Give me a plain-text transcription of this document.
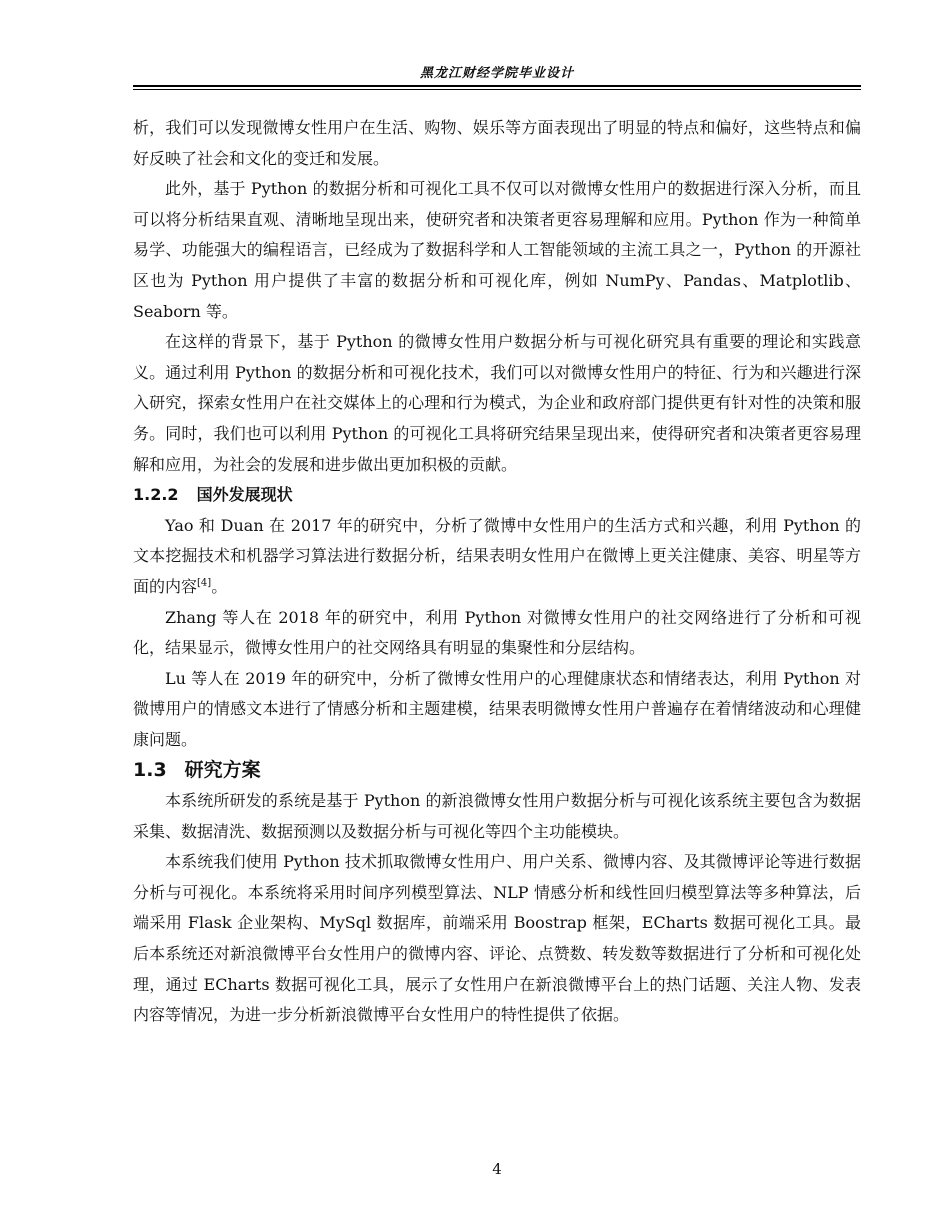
黑龙江财经学院毕业设计

析，我们可以发现微博女性用户在生活、购物、娱乐等方面表现出了明显的特点和偏好，这些特点和偏好反映了社会和文化的变迁和发展。

此外，基于 Python 的数据分析和可视化工具不仅可以对微博女性用户的数据进行深入分析，而且可以将分析结果直观、清晰地呈现出来，使研究者和决策者更容易理解和应用。Python 作为一种简单易学、功能强大的编程语言，已经成为了数据科学和人工智能领域的主流工具之一，Python 的开源社区也为 Python 用户提供了丰富的数据分析和可视化库，例如 NumPy、Pandas、Matplotlib、Seaborn 等。

在这样的背景下，基于 Python 的微博女性用户数据分析与可视化研究具有重要的理论和实践意义。通过利用 Python 的数据分析和可视化技术，我们可以对微博女性用户的特征、行为和兴趣进行深入研究，探索女性用户在社交媒体上的心理和行为模式，为企业和政府部门提供更有针对性的决策和服务。同时，我们也可以利用 Python 的可视化工具将研究结果呈现出来，使得研究者和决策者更容易理解和应用，为社会的发展和进步做出更加积极的贡献。

1.2.2 国外发展现状

Yao 和 Duan 在 2017 年的研究中，分析了微博中女性用户的生活方式和兴趣，利用 Python 的文本挖掘技术和机器学习算法进行数据分析，结果表明女性用户在微博上更关注健康、美容、明星等方面的内容[4]。

Zhang 等人在 2018 年的研究中，利用 Python 对微博女性用户的社交网络进行了分析和可视化，结果显示，微博女性用户的社交网络具有明显的集聚性和分层结构。

Lu 等人在 2019 年的研究中，分析了微博女性用户的心理健康状态和情绪表达，利用 Python 对微博用户的情感文本进行了情感分析和主题建模，结果表明微博女性用户普遍存在着情绪波动和心理健康问题。

1.3 研究方案

本系统所研发的系统是基于 Python 的新浪微博女性用户数据分析与可视化该系统主要包含为数据采集、数据清洗、数据预测以及数据分析与可视化等四个主功能模块。

本系统我们使用 Python 技术抓取微博女性用户、用户关系、微博内容、及其微博评论等进行数据分析与可视化。本系统将采用时间序列模型算法、NLP 情感分析和线性回归模型算法等多种算法，后端采用 Flask 企业架构、MySql 数据库，前端采用 Boostrap 框架，ECharts 数据可视化工具。最后本系统还对新浪微博平台女性用户的微博内容、评论、点赞数、转发数等数据进行了分析和可视化处理，通过 ECharts 数据可视化工具，展示了女性用户在新浪微博平台上的热门话题、关注人物、发表内容等情况，为进一步分析新浪微博平台女性用户的特性提供了依据。

4
